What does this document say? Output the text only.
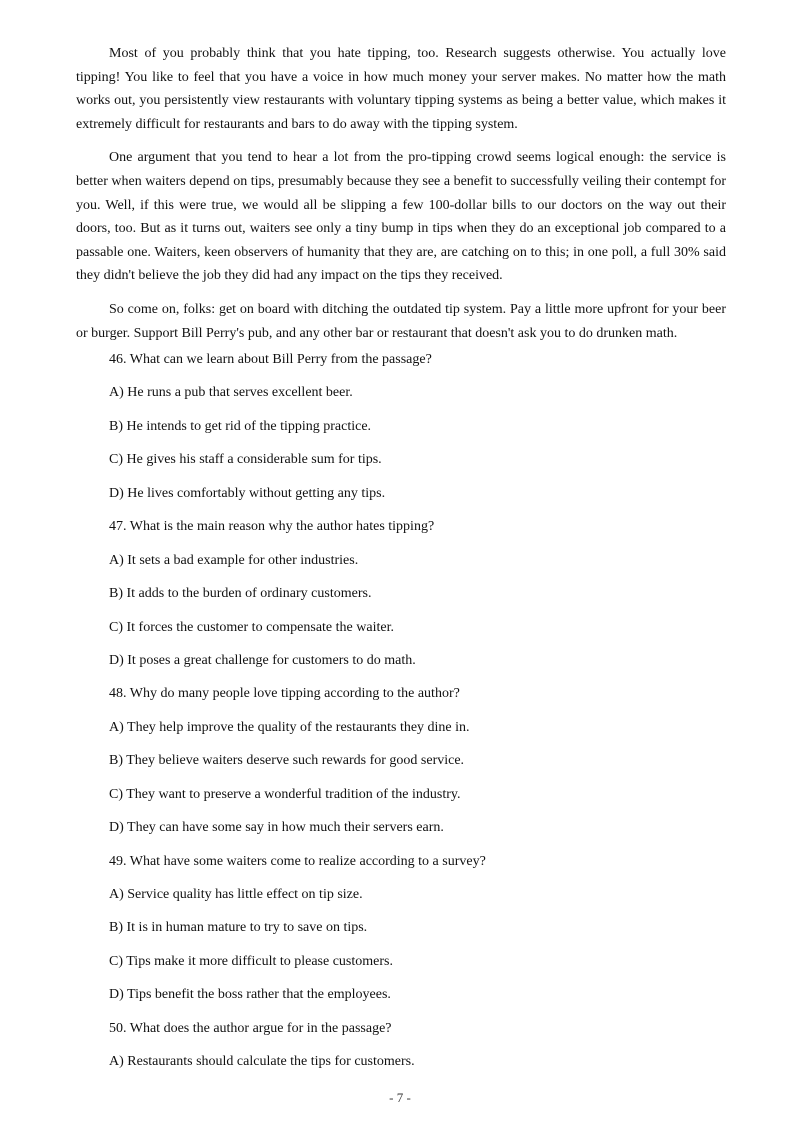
Most of you probably think that you hate tipping, too. Research suggests otherwise. You actually love tipping! You like to feel that you have a voice in how much money your server makes. No matter how the math works out, you persistently view restaurants with voluntary tipping systems as being a better value, which makes it extremely difficult for restaurants and bars to do away with the tipping system.

One argument that you tend to hear a lot from the pro-tipping crowd seems logical enough: the service is better when waiters depend on tips, presumably because they see a benefit to successfully veiling their contempt for you. Well, if this were true, we would all be slipping a few 100-dollar bills to our doctors on the way out their doors, too. But as it turns out, waiters see only a tiny bump in tips when they do an exceptional job compared to a passable one. Waiters, keen observers of humanity that they are, are catching on to this; in one poll, a full 30% said they didn't believe the job they did had any impact on the tips they received.

So come on, folks: get on board with ditching the outdated tip system. Pay a little more upfront for your beer or burger. Support Bill Perry's pub, and any other bar or restaurant that doesn't ask you to do drunken math.

46. What can we learn about Bill Perry from the passage?
A) He runs a pub that serves excellent beer.
B) He intends to get rid of the tipping practice.
C) He gives his staff a considerable sum for tips.
D) He lives comfortably without getting any tips.
47. What is the main reason why the author hates tipping?
A) It sets a bad example for other industries.
B) It adds to the burden of ordinary customers.
C) It forces the customer to compensate the waiter.
D) It poses a great challenge for customers to do math.
48. Why do many people love tipping according to the author?
A) They help improve the quality of the restaurants they dine in.
B) They believe waiters deserve such rewards for good service.
C) They want to preserve a wonderful tradition of the industry.
D) They can have some say in how much their servers earn.
49. What have some waiters come to realize according to a survey?
A) Service quality has little effect on tip size.
B) It is in human mature to try to save on tips.
C) Tips make it more difficult to please customers.
D) Tips benefit the boss rather that the employees.
50. What does the author argue for in the passage?
A) Restaurants should calculate the tips for customers.
- 7 -
